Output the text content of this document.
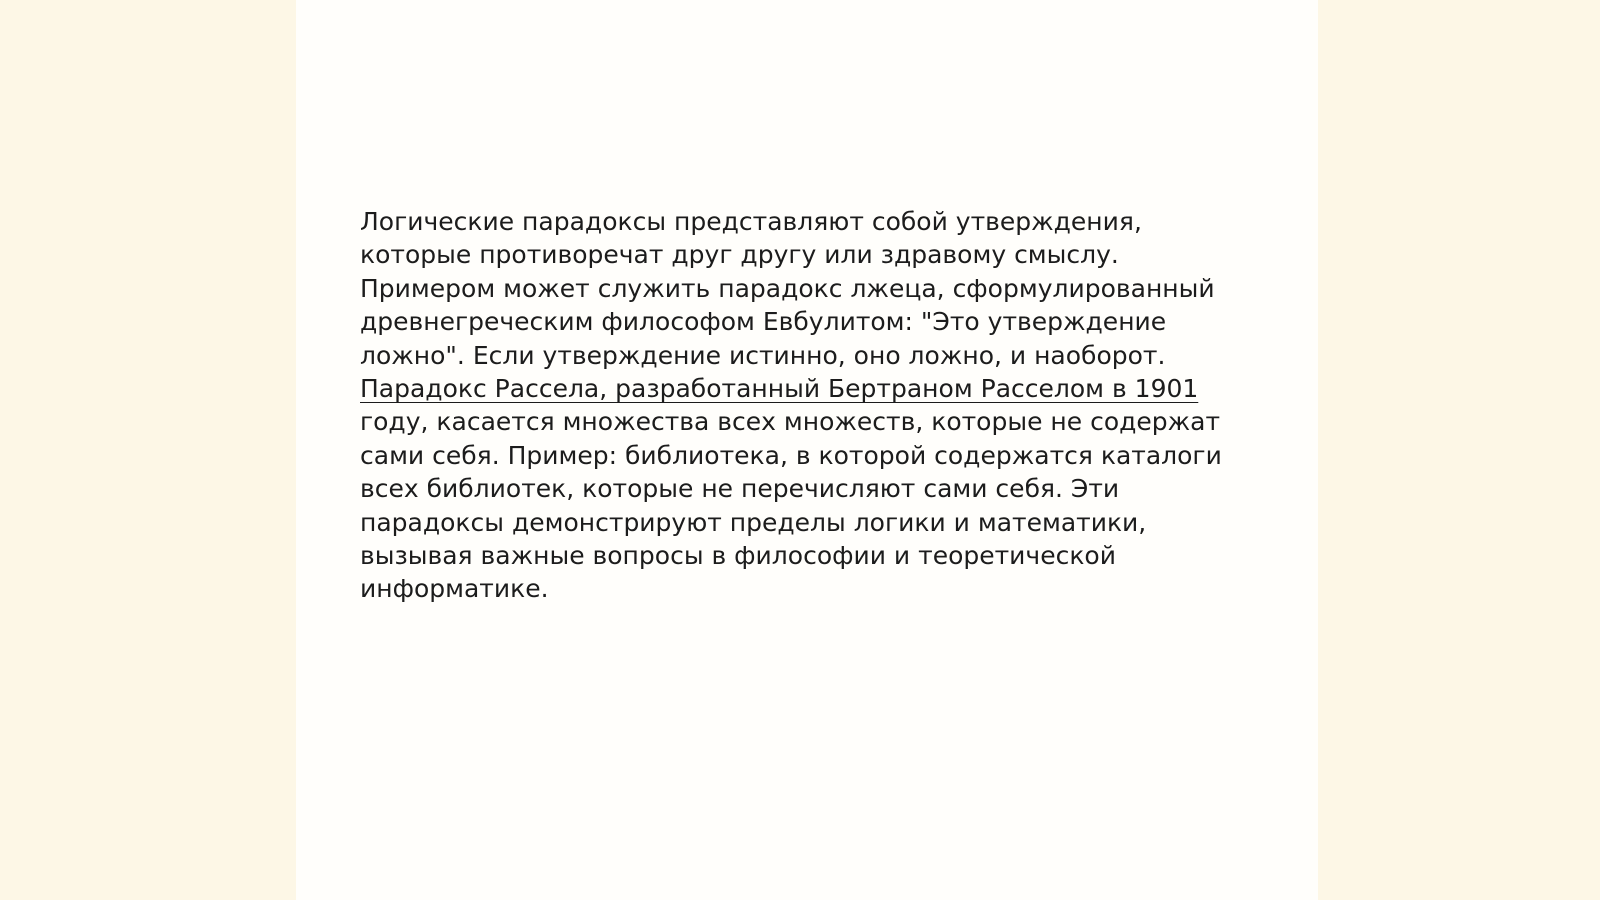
Логические парадоксы представляют собой утверждения,
которые противоречат друг другу или здравому смыслу.
Примером может служить парадокс лжеца, сформулированный
древнегреческим философом Евбулитом: "Это утверждение
ложно". Если утверждение истинно, оно ложно, и наоборот.
Парадокс Рассела, разработанный Бертраном Расселом в 1901
году, касается множества всех множеств, которые не содержат
сами себя. Пример: библиотека, в которой содержатся каталоги
всех библиотек, которые не перечисляют сами себя. Эти
парадоксы демонстрируют пределы логики и математики,
вызывая важные вопросы в философии и теоретической
информатике.
